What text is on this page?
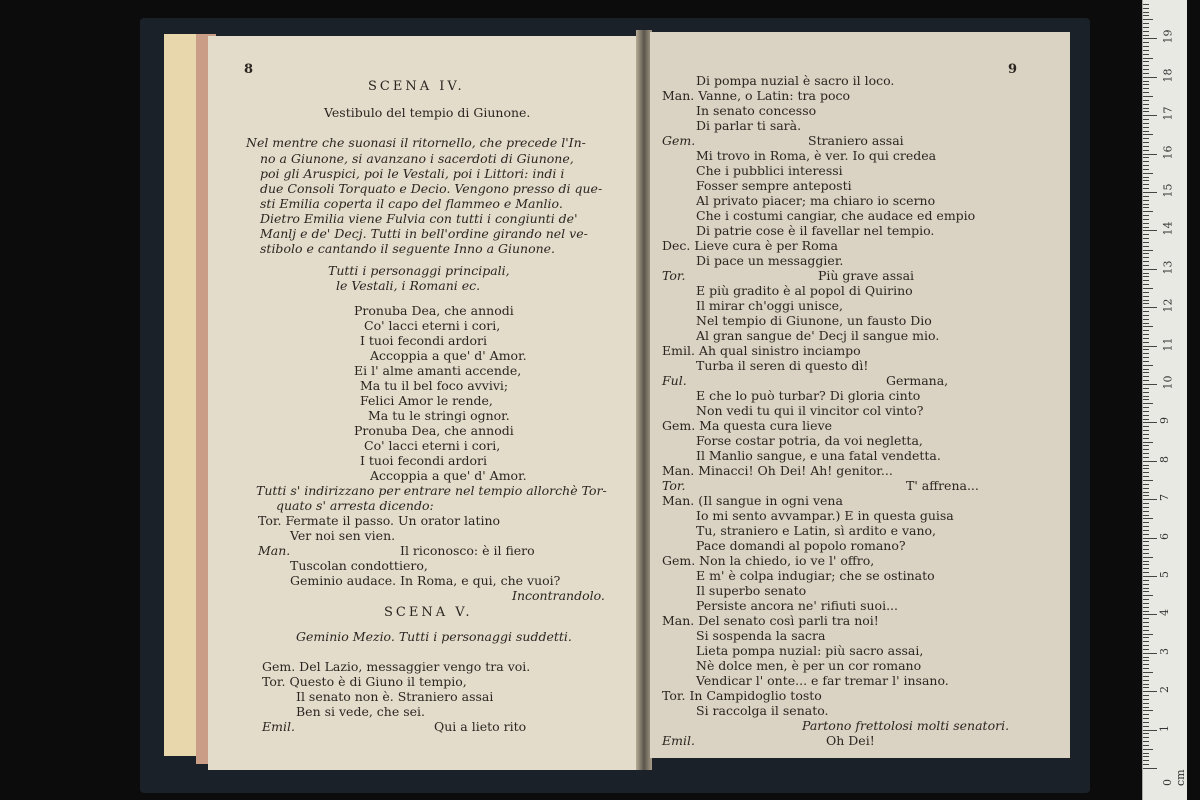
8
SCENA IV.
Vestibulo del tempio di Giunone.
Nel mentre che suonasi il ritornello, che precede l'In-
no a Giunone, si avanzano i sacerdoti di Giunone,
poi gli Aruspici, poi le Vestali, poi i Littori: indi i
due Consoli Torquato e Decio. Vengono presso di que-
sti Emilia coperta il capo del flammeo e Manlio.
Dietro Emilia viene Fulvia con tutti i congiunti de'
Manlj e de' Decj. Tutti in bell'ordine girando nel ve-
stibolo e cantando il seguente Inno a Giunone.
Tutti i personaggi principali,
le Vestali, i Romani ec.
Pronuba Dea, che annodi
Co' lacci eterni i cori,
I tuoi fecondi ardori
Accoppia a que' d' Amor.
Ei l' alme amanti accende,
Ma tu il bel foco avvivi;
Felici Amor le rende,
Ma tu le stringi ognor.
Pronuba Dea, che annodi
Co' lacci eterni i cori,
I tuoi fecondi ardori
Accoppia a que' d' Amor.
Tutti s' indirizzano per entrare nel tempio allorchè Tor-
quato s' arresta dicendo:
Tor. Fermate il passo. Un orator latino
Ver noi sen vien.
Man.	Il riconosco: è il fiero
Tuscolan condottiero,
Geminio audace. In Roma, e qui, che vuoi?
Incontrandolo.
SCENA V.
Geminio Mezio. Tutti i personaggi suddetti.
Gem. Del Lazio, messaggier vengo tra voi.
Tor. Questo è di Giuno il tempio,
Il senato non è. Straniero assai
Ben si vede, che sei.
Emil.	Qui a lieto rito
9
Di pompa nuzial è sacro il loco.
Man. Vanne, o Latin: tra poco
In senato concesso
Di parlar ti sarà.
Gem.	Straniero assai
Mi trovo in Roma, è ver. Io qui credea
Che i pubblici interessi
Fosser sempre anteposti
Al privato piacer; ma chiaro io scerno
Che i costumi cangiar, che audace ed empio
Di patrie cose è il favellar nel tempio.
Dec. Lieve cura è per Roma
Di pace un messaggier.
Tor.	Più grave assai
E più gradito è al popol di Quirino
Il mirar ch'oggi unisce,
Nel tempio di Giunone, un fausto Dio
Al gran sangue de' Decj il sangue mio.
Emil. Ah qual sinistro inciampo
Turba il seren di questo dì!
Ful.	Germana,
E che lo può turbar? Di gloria cinto
Non vedi tu qui il vincitor col vinto?
Gem. Ma questa cura lieve
Forse costar potria, da voi negletta,
Il Manlio sangue, e una fatal vendetta.
Man. Minacci! Oh Dei! Ah! genitor...
Tor.	T' affrena...
Man. (Il sangue in ogni vena
Io mi sento avvampar.) E in questa guisa
Tu, straniero e Latin, sì ardito e vano,
Pace domandi al popolo romano?
Gem. Non la chiedo, io ve l' offro,
E m' è colpa indugiar; che se ostinato
Il superbo senato
Persiste ancora ne' rifiuti suoi...
Man. Del senato così parli tra noi!
Si sospenda la sacra
Lieta pompa nuzial: più sacro assai,
Nè dolce men, è per un cor romano
Vendicar l' onte... e far tremar l' insano.
Tor. In Campidoglio tosto
Si raccolga il senato.
Partono frettolosi molti senatori.
Emil.	Oh Dei!
0 cm
1
2
3
4
5
6
7
8
9
10
11
12
13
14
15
16
17
18
19
